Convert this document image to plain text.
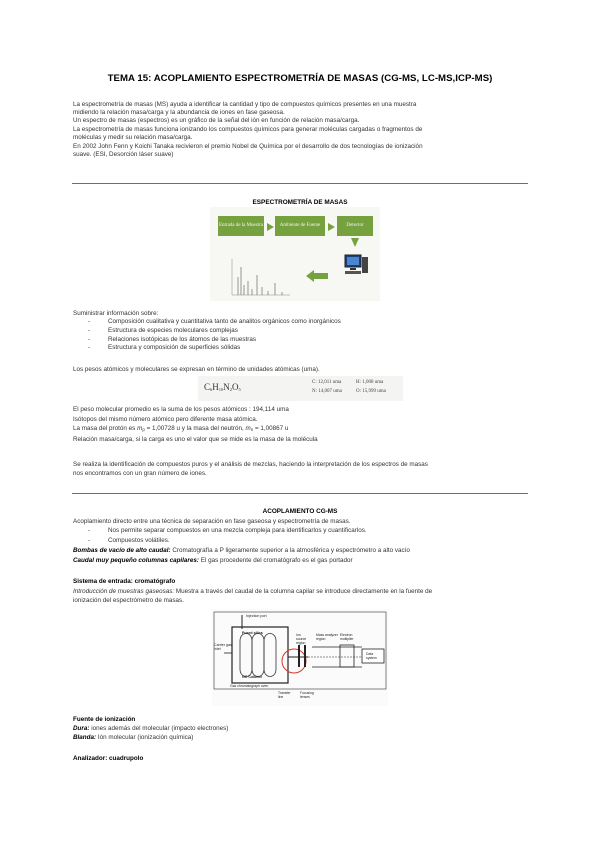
TEMA 15: ACOPLAMIENTO ESPECTROMETRÍA DE MASAS (CG-MS, LC-MS,ICP-MS)
La espectrometría de masas (MS) ayuda a identificar la cantidad y tipo de compuestos químicos presentes en una muestra
midiendo la relación masa/carga y la abundancia de iones en fase gaseosa.
Un espectro de masas (espectros) es un gráfico de la señal del ión en función de relación masa/carga.
La espectrometría de masas funciona ionizando los compuestos químicos para generar moléculas cargadas o fragmentos de
moléculas y medir su relación masa/carga.
En 2002 John Fenn y Koichi Tanaka recivieron el premio Nobel de Química por el desarrollo de dos tecnologías de ionización
suave. (ESI, Desorción láser suave)
ESPECTROMETRÍA DE MASAS
Entrada de la Muestra	Ambiente de Fuente	Detector
Suministrar información sobre:
-	Composición cualitativa y cuantitativa tanto de analitos orgánicos como inorgánicos
-	Estructura de especies moleculares complejas
-	Relaciones isotópicas de los átomos de las muestras
-	Estructura y composición de superficies sólidas
Los pesos atómicos y moleculares se expresan en término de unidades atómicas (uma).
$C_6H_{10}N_2O_5$
C: 12,011 uma
N: 14,007 uma
H: 1,008 uma
O: 15,999 uma
El peso molecular promedio es la suma de los pesos atómicos : 194,114 uma
Isótopos del mismo número atómico pero diferente masa atómica.
La masa del protón es $m_p = 1,00728$ u y la masa del neutrón, $m_n = 1,00867$ u
Relación masa/carga, si la carga es uno el valor que se mide es la masa de la molécula
Se realiza la identificación de compuestos puros y el análisis de mezclas, haciendo la interpretación de los espectros de masas
nos encontramos con un gran número de iones.
ACOPLAMIENTO CG-MS
Acoplamiento directo entre una técnica de separación en fase gaseosa y espectrometría de masas.
-	Nos permite separar compuestos en una mezcla compleja para identificarlos y cuantificarlos.
-	Compuestos volátiles.
Bombas de vacío de alto caudal: Cromatografía a P ligeramente superior a la atmosférica y espectrómetro a alto vacío
Caudal muy pequeño columnas capilares: El gas procedente del cromatógrafo es el gas portador
Sistema de entrada: cromatógrafo
Introducción de muestras gaseosas: Muestra a través del caudal de la columna capilar se introduce directamente en la fuente de
ionización del espectrómetro de masas.
Injection port
Fused silica
Carrier gas inlet
GC Column
Gas chromatograph oven
Ion source region
Mass analyzer region
Electron multiplier
Data system
Transfer line
Focusing lenses
Fuente de ionización
Dura: iones además del molecular (impacto electrones)
Blanda: Ión molecular (ionización química)
Analizador: cuadrupolo
